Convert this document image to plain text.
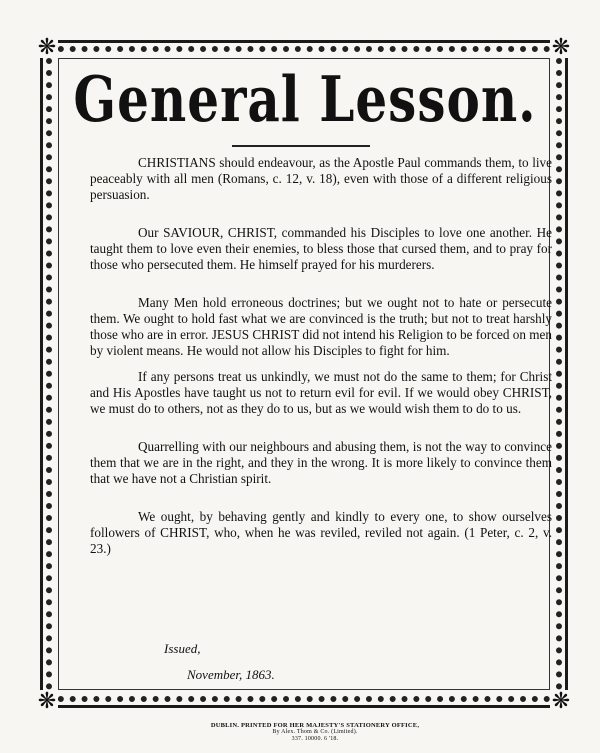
❋	❋
❋	❋
General Lesson.

CHRISTIANS should endeavour, as the Apostle Paul commands them, to live peaceably with all men (Romans, c. 12, v. 18), even with those of a different religious persuasion.

Our SAVIOUR, CHRIST, commanded his Disciples to love one another. He taught them to love even their enemies, to bless those that cursed them, and to pray for those who persecuted them. He himself prayed for his murderers.

Many Men hold erroneous doctrines; but we ought not to hate or persecute them. We ought to hold fast what we are convinced is the truth; but not to treat harshly those who are in error. JESUS CHRIST did not intend his Religion to be forced on men by violent means. He would not allow his Disciples to fight for him.

If any persons treat us unkindly, we must not do the same to them; for Christ and His Apostles have taught us not to return evil for evil. If we would obey CHRIST, we must do to others, not as they do to us, but as we would wish them to do to us.

Quarrelling with our neighbours and abusing them, is not the way to convince them that we are in the right, and they in the wrong. It is more likely to convince them that we have not a Christian spirit.

We ought, by behaving gently and kindly to every one, to show ourselves followers of CHRIST, who, when he was reviled, reviled not again. (1 Peter, c. 2, v. 23.)

Issued,
November, 1863.
DUBLIN. PRINTED FOR HER MAJESTY'S STATIONERY OFFICE,
By Alex. Thom & Co. (Limited).
337. 10000. 6 '18.
